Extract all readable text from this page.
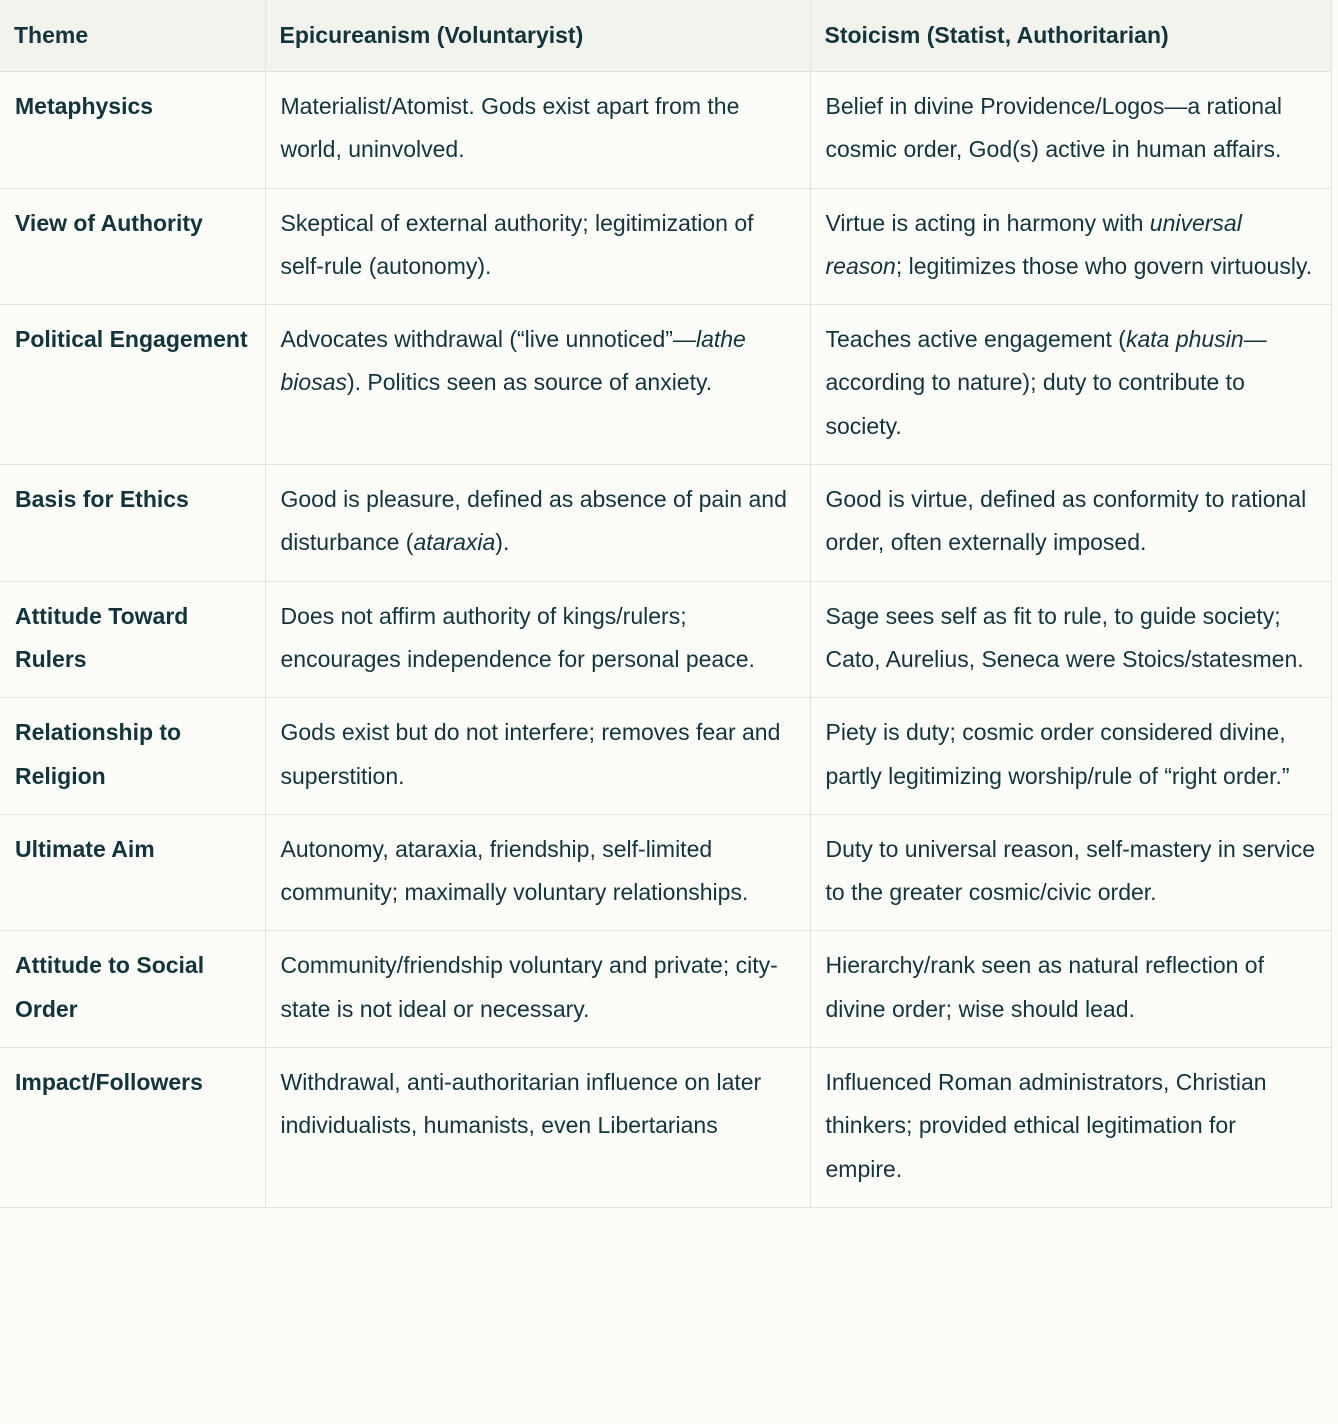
Theme	Epicureanism (Voluntaryist)	Stoicism (Statist, Authoritarian)
Metaphysics	Materialist/Atomist. Gods exist apart from the world, uninvolved.	Belief in divine Providence/Logos—a rational cosmic order, God(s) active in human affairs.
View of Authority	Skeptical of external authority; legitimization of self-rule (autonomy).	Virtue is acting in harmony with universal reason; legitimizes those who govern virtuously.
Political Engagement	Advocates withdrawal (“live unnoticed”—lathe biosas). Politics seen as source of anxiety.	Teaches active engagement (kata phusin—according to nature); duty to contribute to society.
Basis for Ethics	Good is pleasure, defined as absence of pain and disturbance (ataraxia).	Good is virtue, defined as conformity to rational order, often externally imposed.
Attitude Toward Rulers	Does not affirm authority of kings/rulers; encourages independence for personal peace.	Sage sees self as fit to rule, to guide society; Cato, Aurelius, Seneca were Stoics/statesmen.
Relationship to Religion	Gods exist but do not interfere; removes fear and superstition.	Piety is duty; cosmic order considered divine, partly legitimizing worship/rule of “right order.”
Ultimate Aim	Autonomy, ataraxia, friendship, self-limited community; maximally voluntary relationships.	Duty to universal reason, self-mastery in service to the greater cosmic/civic order.
Attitude to Social Order	Community/friendship voluntary and private; city-state is not ideal or necessary.	Hierarchy/rank seen as natural reflection of divine order; wise should lead.
Impact/Followers	Withdrawal, anti-authoritarian influence on later individualists, humanists, even Libertarians	Influenced Roman administrators, Christian thinkers; provided ethical legitimation for empire.
